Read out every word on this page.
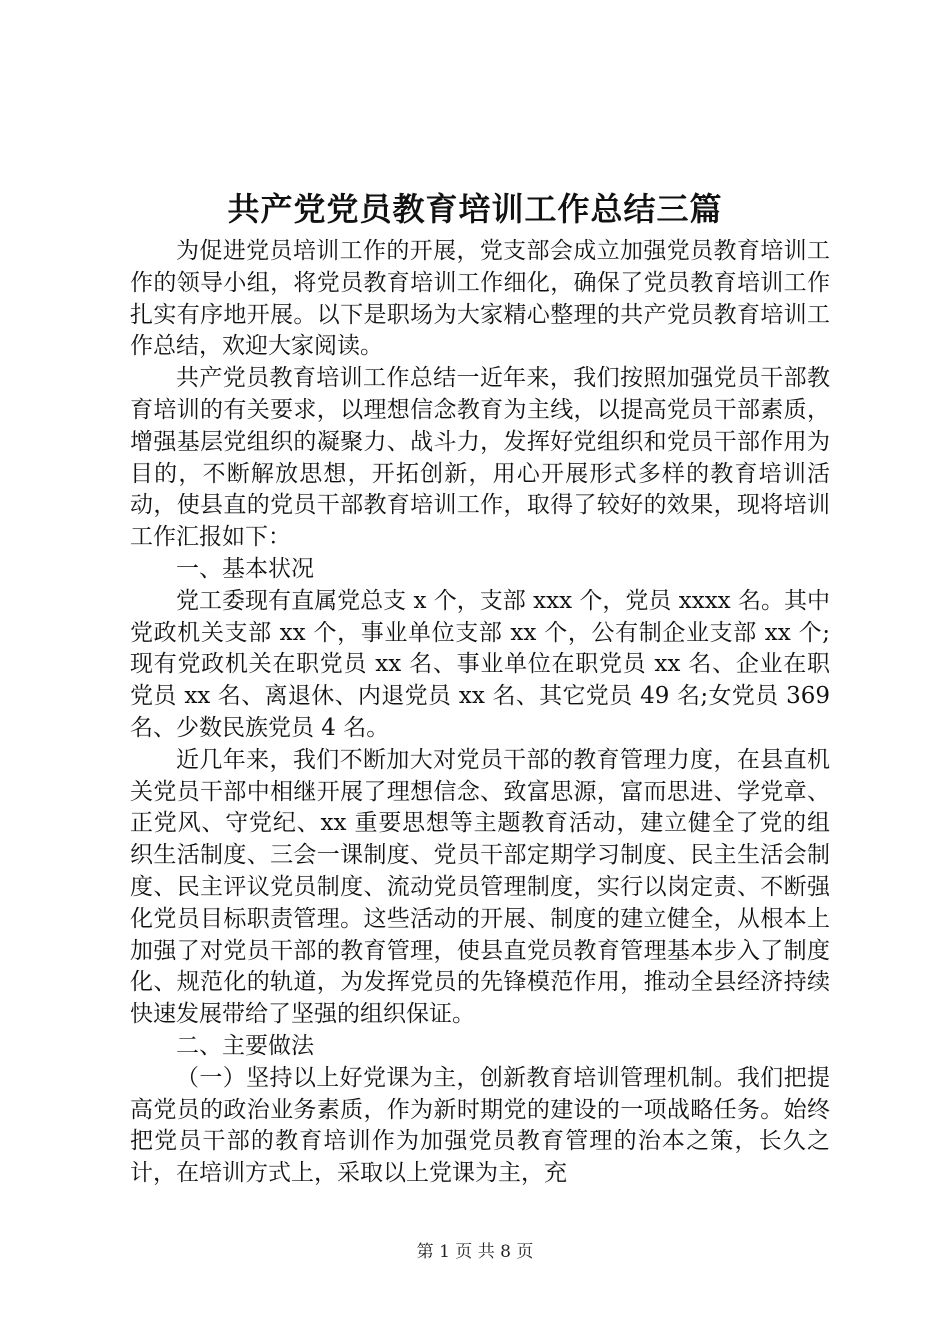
共产党党员教育培训工作总结三篇

为促进党员培训工作的开展，党支部会成立加强党员教育培训工作的领导小组，将党员教育培训工作细化，确保了党员教育培训工作扎实有序地开展。以下是职场为大家精心整理的共产党员教育培训工作总结，欢迎大家阅读。

共产党员教育培训工作总结一近年来，我们按照加强党员干部教育培训的有关要求，以理想信念教育为主线，以提高党员干部素质，增强基层党组织的凝聚力、战斗力，发挥好党组织和党员干部作用为目的，不断解放思想，开拓创新，用心开展形式多样的教育培训活动，使县直的党员干部教育培训工作，取得了较好的效果，现将培训工作汇报如下：

一、基本状况

党工委现有直属党总支 x 个，支部 xxx 个，党员 xxxx 名。其中党政机关支部 xx 个，事业单位支部 xx 个，公有制企业支部 xx 个;现有党政机关在职党员 xx 名、事业单位在职党员 xx 名、企业在职党员 xx 名、离退休、内退党员 xx 名、其它党员 49 名;女党员 369 名、少数民族党员 4 名。

近几年来，我们不断加大对党员干部的教育管理力度，在县直机关党员干部中相继开展了理想信念、致富思源，富而思进、学党章、正党风、守党纪、xx 重要思想等主题教育活动，建立健全了党的组织生活制度、三会一课制度、党员干部定期学习制度、民主生活会制度、民主评议党员制度、流动党员管理制度，实行以岗定责、不断强化党员目标职责管理。这些活动的开展、制度的建立健全，从根本上加强了对党员干部的教育管理，使县直党员教育管理基本步入了制度化、规范化的轨道，为发挥党员的先锋模范作用，推动全县经济持续快速发展带给了坚强的组织保证。

二、主要做法

（一）坚持以上好党课为主，创新教育培训管理机制。我们把提高党员的政治业务素质，作为新时期党的建设的一项战略任务。始终把党员干部的教育培训作为加强党员教育管理的治本之策，长久之计，在培训方式上，采取以上党课为主，充

第 1 页 共 8 页
